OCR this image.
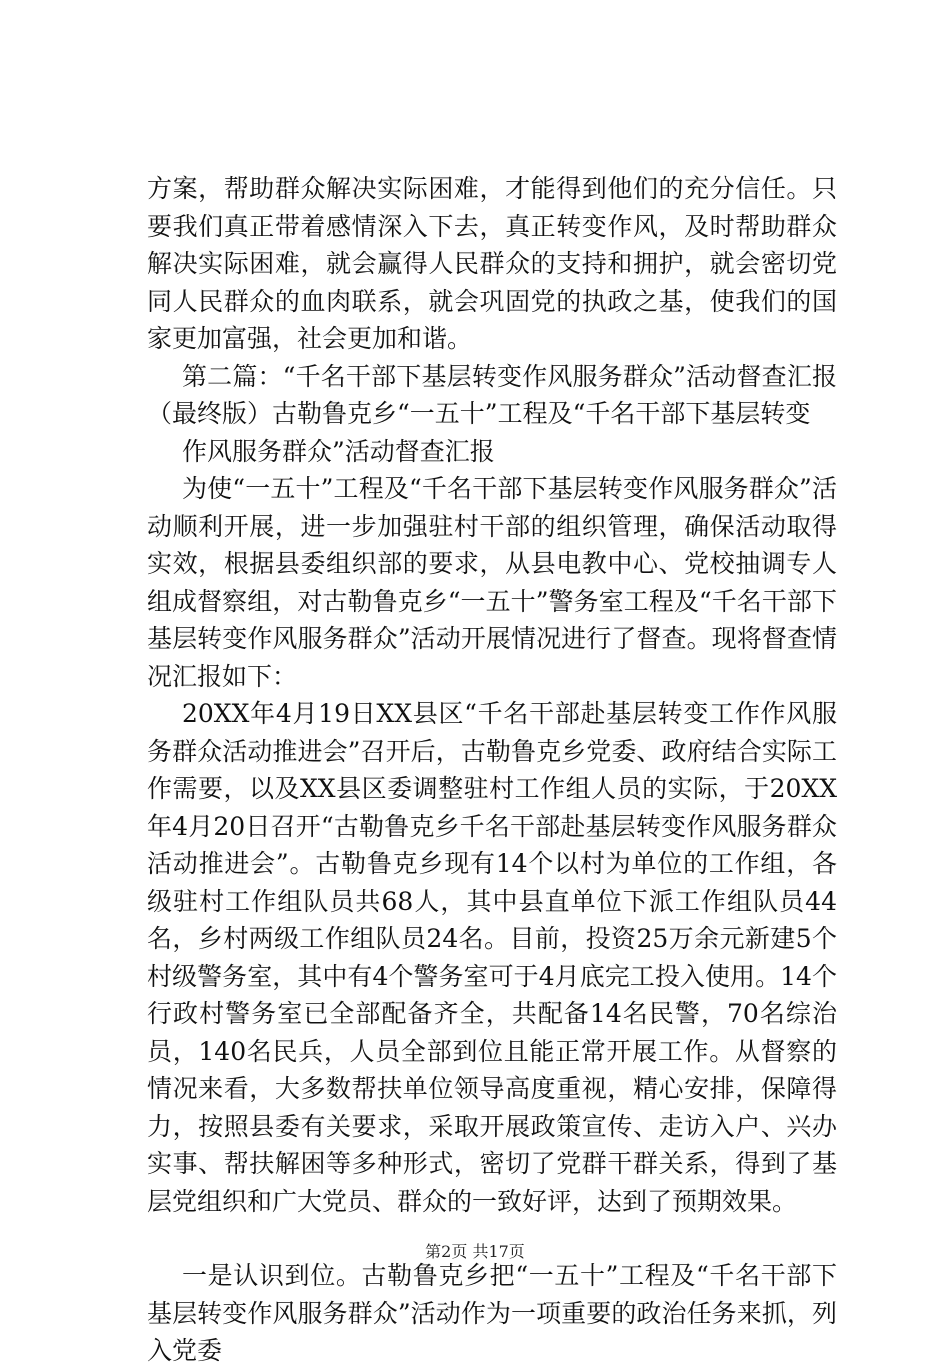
方案，帮助群众解决实际困难，才能得到他们的充分信任。只要我们真正带着感情深入下去，真正转变作风，及时帮助群众解决实际困难，就会赢得人民群众的支持和拥护，就会密切党同人民群众的血肉联系，就会巩固党的执政之基，使我们的国家更加富强，社会更加和谐。

第二篇：“千名干部下基层转变作风服务群众”活动督查汇报（最终版）古勒鲁克乡“一五十”工程及“千名干部下基层转变

作风服务群众”活动督查汇报

为使“一五十”工程及“千名干部下基层转变作风服务群众”活动顺利开展，进一步加强驻村干部的组织管理，确保活动取得实效，根据县委组织部的要求，从县电教中心、党校抽调专人组成督察组，对古勒鲁克乡“一五十”警务室工程及“千名干部下基层转变作风服务群众”活动开展情况进行了督查。现将督查情况汇报如下：

20XX年4月19日XX县区“千名干部赴基层转变工作作风服务群众活动推进会”召开后，古勒鲁克乡党委、政府结合实际工作需要，以及XX县区委调整驻村工作组人员的实际，于20XX年4月20日召开“古勒鲁克乡千名干部赴基层转变作风服务群众活动推进会”。古勒鲁克乡现有14个以村为单位的工作组，各级驻村工作组队员共68人，其中县直单位下派工作组队员44名，乡村两级工作组队员24名。目前，投资25万余元新建5个村级警务室，其中有4个警务室可于4月底完工投入使用。14个行政村警务室已全部配备齐全，共配备14名民警，70名综治员，140名民兵，人员全部到位且能正常开展工作。从督察的情况来看，大多数帮扶单位领导高度重视，精心安排，保障得力，按照县委有关要求，采取开展政策宣传、走访入户、兴办实事、帮扶解困等多种形式，密切了党群干群关系，得到了基层党组织和广大党员、群众的一致好评，达到了预期效果。

一是认识到位。古勒鲁克乡把“一五十”工程及“千名干部下基层转变作风服务群众”活动作为一项重要的政治任务来抓，列入党委

第2页 共17页
